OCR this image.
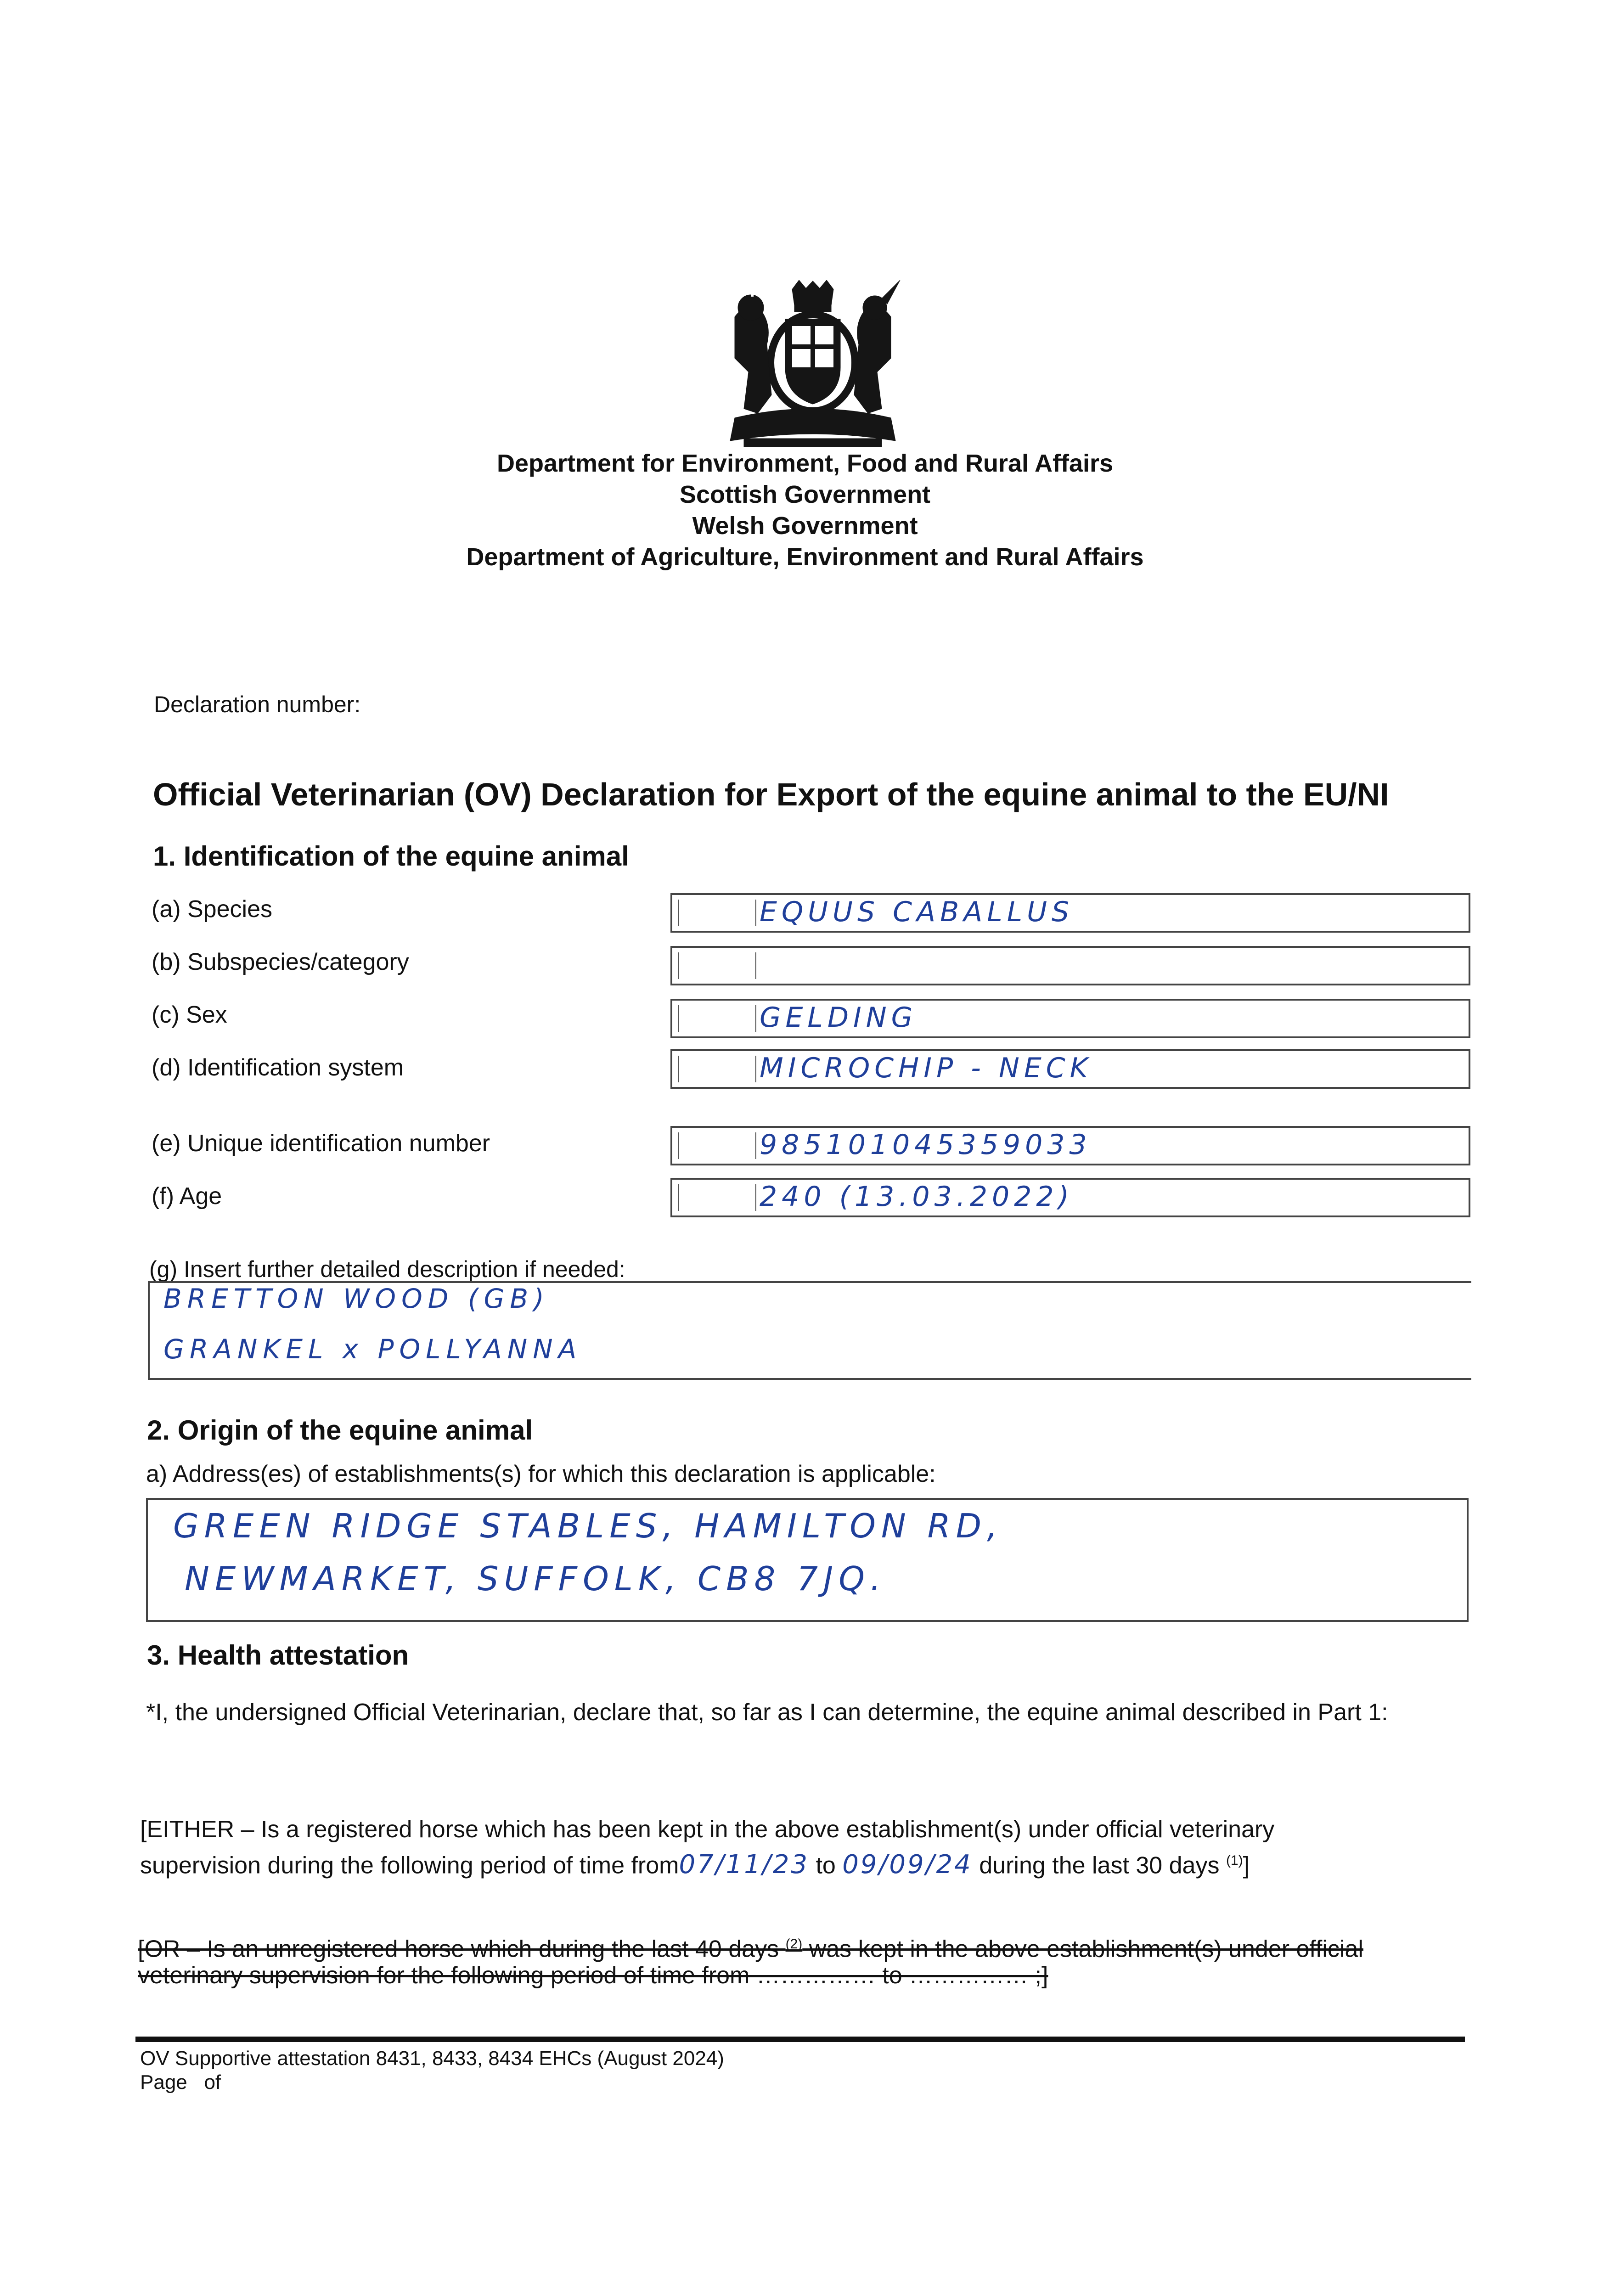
Department for Environment, Food and Rural Affairs
Scottish Government
Welsh Government
Department of Agriculture, Environment and Rural Affairs
Declaration number:
Official Veterinarian (OV) Declaration for Export of the equine animal to the EU/NI
1. Identification of the equine animal
(a) Species	EQUUS CABALLUS
(b) Subspecies/category
(c) Sex	GELDING
(d) Identification system	MICROCHIP - NECK
(e) Unique identification number	985101045359033
(f) Age	240 (13.03.2022)
(g) Insert further detailed description if needed:
BRETTON WOOD (GB)
GRANKEL x POLLYANNA
2. Origin of the equine animal
a) Address(es) of establishments(s) for which this declaration is applicable:
GREEN RIDGE STABLES, HAMILTON RD,
NEWMARKET, SUFFOLK, CB8 7JQ.
3. Health attestation
*I, the undersigned Official Veterinarian, declare that, so far as I can determine, the equine animal described in Part 1:
[EITHER – Is a registered horse which has been kept in the above establishment(s) under official veterinary
supervision during the following period of time from07/11/23 to 09/09/24 during the last 30 days $^{(1)}$]
[OR – Is an unregistered horse which during the last 40 days $^{(2)}$ was kept in the above establishment(s) under official
veterinary supervision for the following period of time from …………… to …………… ;]
OV Supportive attestation 8431, 8433, 8434 EHCs (August 2024)
Page of
